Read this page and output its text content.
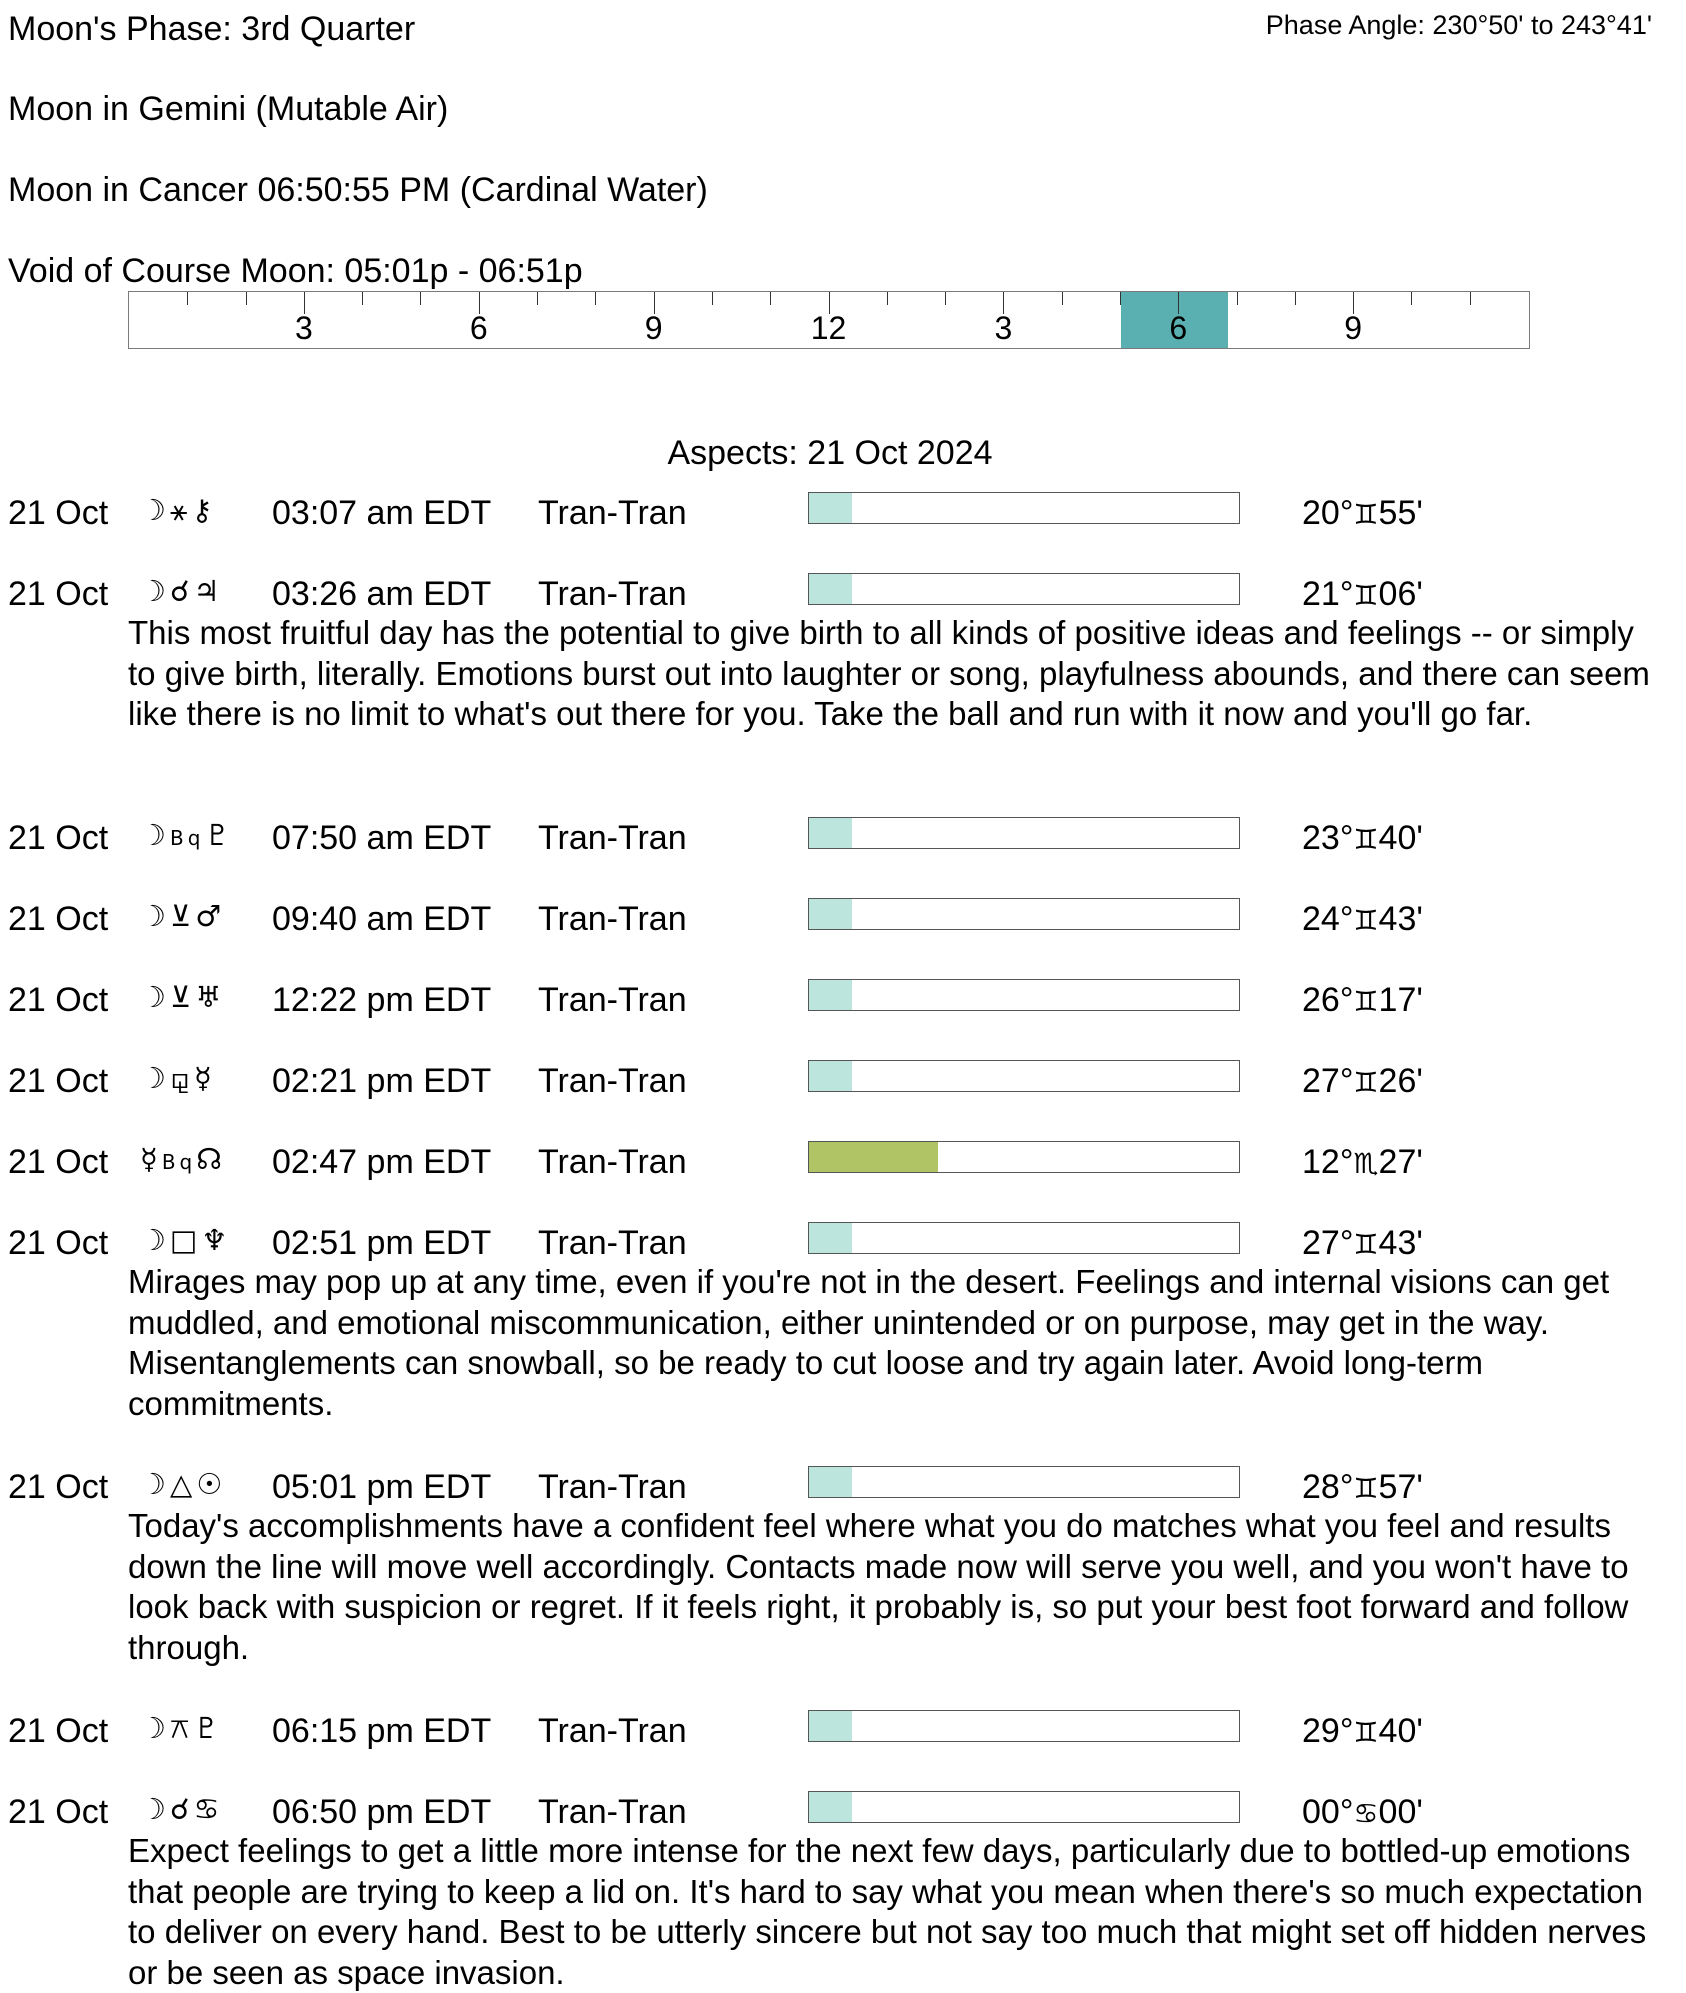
Moon's Phase: 3rd Quarter	Phase Angle: 230°50' to 243°41'
Moon in Gemini (Mutable Air)
Moon in Cancer 06:50:55 PM (Cardinal Water)
Void of Course Moon: 05:01p - 06:51p
3	6	9	12	3	6	9
Aspects: 21 Oct 2024
21 Oct ☽⚹⚷ 03:07 am EDT Tran-Tran	20°♊55'
21 Oct ☽☌♃ 03:26 am EDT Tran-Tran	21°♊06'
This most fruitful day has the potential to give birth to all kinds of positive ideas and feelings -- or simply to give birth, literally. Emotions burst out into laughter or song, playfulness abounds, and there can seem like there is no limit to what's out there for you. Take the ball and run with it now and you'll go far.
21 Oct ☽Bq♇ 07:50 am EDT Tran-Tran	23°♊40'
21 Oct ☽⊻♂ 09:40 am EDT Tran-Tran	24°♊43'
21 Oct ☽⊻♅ 12:22 pm EDT Tran-Tran	26°♊17'
21 Oct ☽⚼☿ 02:21 pm EDT Tran-Tran	27°♊26'
21 Oct ☿Bq☊ 02:47 pm EDT Tran-Tran	12°♏27'
21 Oct ☽□♆ 02:51 pm EDT Tran-Tran	27°♊43'
Mirages may pop up at any time, even if you're not in the desert. Feelings and internal visions can get muddled, and emotional miscommunication, either unintended or on purpose, may get in the way. Misentanglements can snowball, so be ready to cut loose and try again later. Avoid long-term commitments.
21 Oct ☽△☉ 05:01 pm EDT Tran-Tran	28°♊57'
Today's accomplishments have a confident feel where what you do matches what you feel and results down the line will move well accordingly. Contacts made now will serve you well, and you won't have to look back with suspicion or regret. If it feels right, it probably is, so put your best foot forward and follow through.
21 Oct ☽⚻♇ 06:15 pm EDT Tran-Tran	29°♊40'
21 Oct ☽☌♋ 06:50 pm EDT Tran-Tran	00°♋00'
Expect feelings to get a little more intense for the next few days, particularly due to bottled-up emotions that people are trying to keep a lid on. It's hard to say what you mean when there's so much expectation to deliver on every hand. Best to be utterly sincere but not say too much that might set off hidden nerves or be seen as space invasion.
